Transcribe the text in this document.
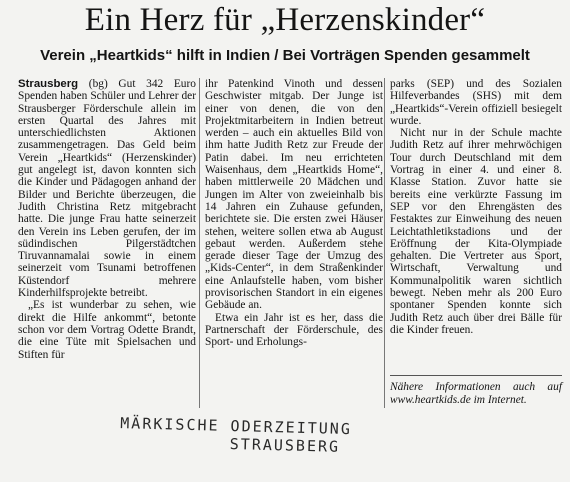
Ein Herz für „Herzenskinder“
Verein „Heartkids“ hilft in Indien / Bei Vorträgen Spenden gesammelt

Strausberg (bg) Gut 342 Euro Spenden haben Schüler und Lehrer der Strausberger Förderschule allein im ersten Quartal des Jahres mit unterschiedlichsten Aktionen zusammengetragen. Das Geld beim Verein „Heartkids“ (Herzenskinder) gut angelegt ist, davon konnten sich die Kinder und Pädagogen anhand der Bilder und Berichte überzeugen, die Judith Christina Retz mitgebracht hatte. Die junge Frau hatte seinerzeit den Verein ins Leben gerufen, der im südindischen Pilgerstädtchen Tiruvannamalai sowie in einem seinerzeit vom Tsunami betroffenen Küstendorf mehrere Kinderhilfsprojekte betreibt.

„Es ist wunderbar zu sehen, wie direkt die Hilfe ankommt“, betonte schon vor dem Vortrag Odette Brandt, die eine Tüte mit Spielsachen und Stiften für

ihr Patenkind Vinoth und dessen Geschwister mitgab. Der Junge ist einer von denen, die von den Projektmitarbeitern in Indien betreut werden – auch ein aktuelles Bild von ihm hatte Judith Retz zur Freude der Patin dabei. Im neu errichteten Waisenhaus, dem „Heartkids Home“, haben mittlerweile 20 Mädchen und Jungen im Alter von zweieinhalb bis 14 Jahren ein Zuhause gefunden, berichtete sie. Die ersten zwei Häuser stehen, weitere sollen etwa ab August gebaut werden. Außerdem stehe gerade dieser Tage der Umzug des „Kids-Center“, in dem Straßenkinder eine Anlaufstelle haben, vom bisher provisorischen Standort in ein eigenes Gebäude an.

Etwa ein Jahr ist es her, dass die Partnerschaft der Förderschule, des Sport- und Erholungs-

parks (SEP) und des Sozialen Hilfeverbandes (SHS) mit dem „Heartkids“-Verein offiziell besiegelt wurde.

Nicht nur in der Schule machte Judith Retz auf ihrer mehrwöchigen Tour durch Deutschland mit dem Vortrag in einer 4. und einer 8. Klasse Station. Zuvor hatte sie bereits eine verkürzte Fassung im SEP vor den Ehrengästen des Festaktes zur Einweihung des neuen Leichtathletikstadions und der Eröffnung der Kita-Olympiade gehalten. Die Vertreter aus Sport, Wirtschaft, Verwaltung und Kommunalpolitik waren sichtlich bewegt. Neben mehr als 200 Euro spontaner Spenden konnte sich Judith Retz auch über drei Bälle für die Kinder freuen.

Nähere Informationen auch auf www.heartkids.de im Internet.
MÄRKISCHE ODERZEITUNG
STRAUSBERG
